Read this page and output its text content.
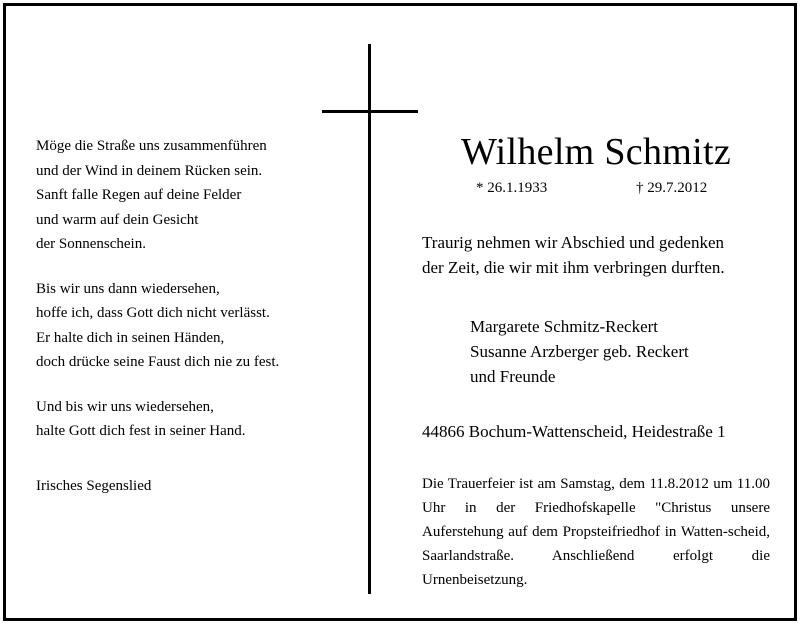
Möge die Straße uns zusammenführen
und der Wind in deinem Rücken sein.
Sanft falle Regen auf deine Felder
und warm auf dein Gesicht
der Sonnenschein.
Bis wir uns dann wiedersehen,
hoffe ich, dass Gott dich nicht verlässt.
Er halte dich in seinen Händen,
doch drücke seine Faust dich nie zu fest.
Und bis wir uns wiedersehen,
halte Gott dich fest in seiner Hand.
Irisches Segenslied
Wilhelm Schmitz
* 26.1.1933	† 29.7.2012
Traurig nehmen wir Abschied und gedenken
der Zeit, die wir mit ihm verbringen durften.
Margarete Schmitz-Reckert
Susanne Arzberger geb. Reckert
und Freunde
44866 Bochum-Wattenscheid, Heidestraße 1
Die Trauerfeier ist am Samstag, dem 11.8.2012 um 11.00 Uhr in der Friedhofskapelle "Christus unsere Auferstehung auf dem Propsteifriedhof in Watten-scheid, Saarlandstraße. Anschließend erfolgt die Urnenbeisetzung.
